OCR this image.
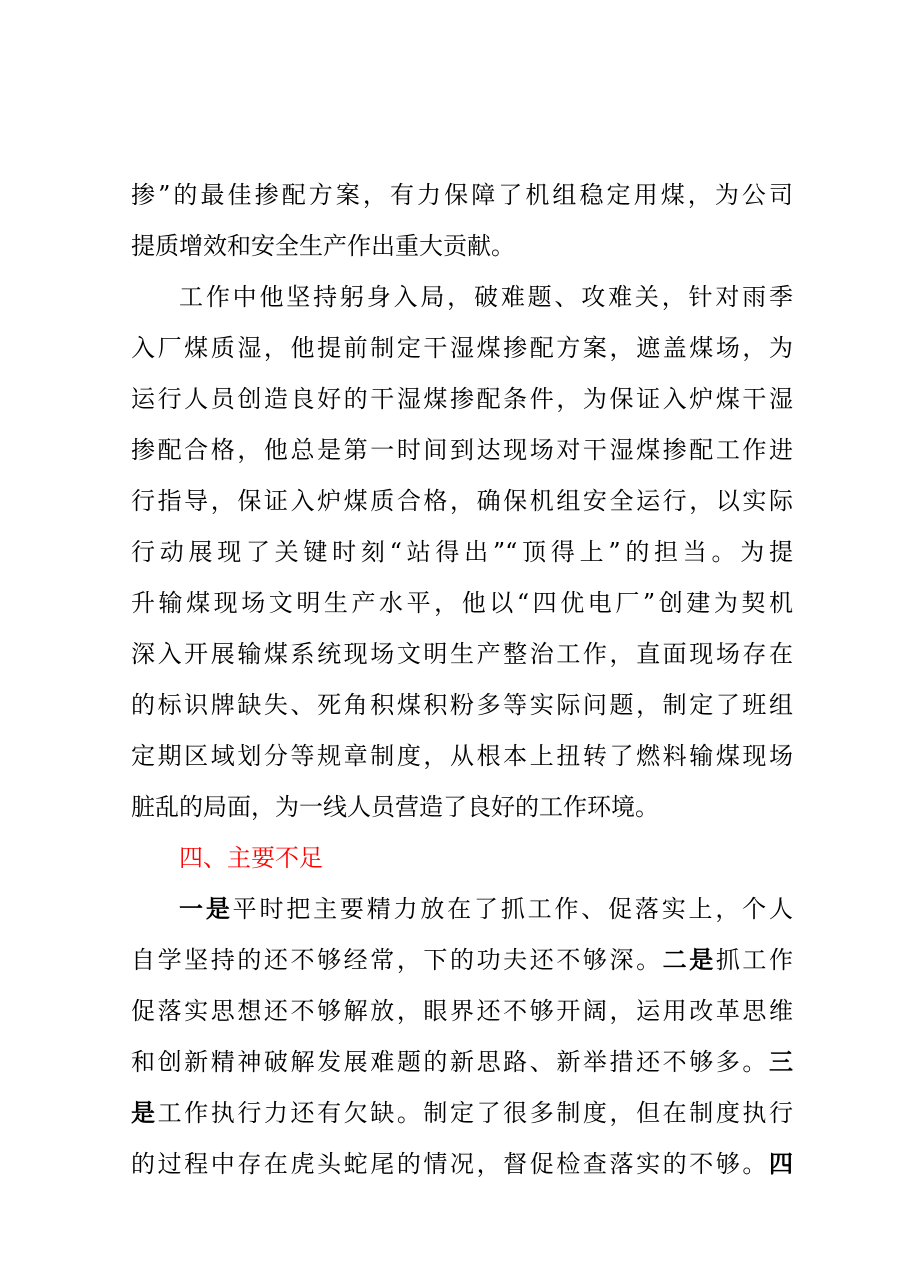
掺”的最佳掺配方案，有力保障了机组稳定用煤，为公司
提质增效和安全生产作出重大贡献。
工作中他坚持躬身入局，破难题、攻难关，针对雨季
入厂煤质湿，他提前制定干湿煤掺配方案，遮盖煤场，为
运行人员创造良好的干湿煤掺配条件，为保证入炉煤干湿
掺配合格，他总是第一时间到达现场对干湿煤掺配工作进
行指导，保证入炉煤质合格，确保机组安全运行，以实际
行动展现了关键时刻“站得出”“顶得上”的担当。为提
升输煤现场文明生产水平，他以“四优电厂”创建为契机
深入开展输煤系统现场文明生产整治工作，直面现场存在
的标识牌缺失、死角积煤积粉多等实际问题，制定了班组
定期区域划分等规章制度，从根本上扭转了燃料输煤现场
脏乱的局面，为一线人员营造了良好的工作环境。
四、主要不足
一是平时把主要精力放在了抓工作、促落实上，个人
自学坚持的还不够经常，下的功夫还不够深。二是抓工作
促落实思想还不够解放，眼界还不够开阔，运用改革思维
和创新精神破解发展难题的新思路、新举措还不够多。三
是工作执行力还有欠缺。制定了很多制度，但在制度执行
的过程中存在虎头蛇尾的情况，督促检查落实的不够。四
